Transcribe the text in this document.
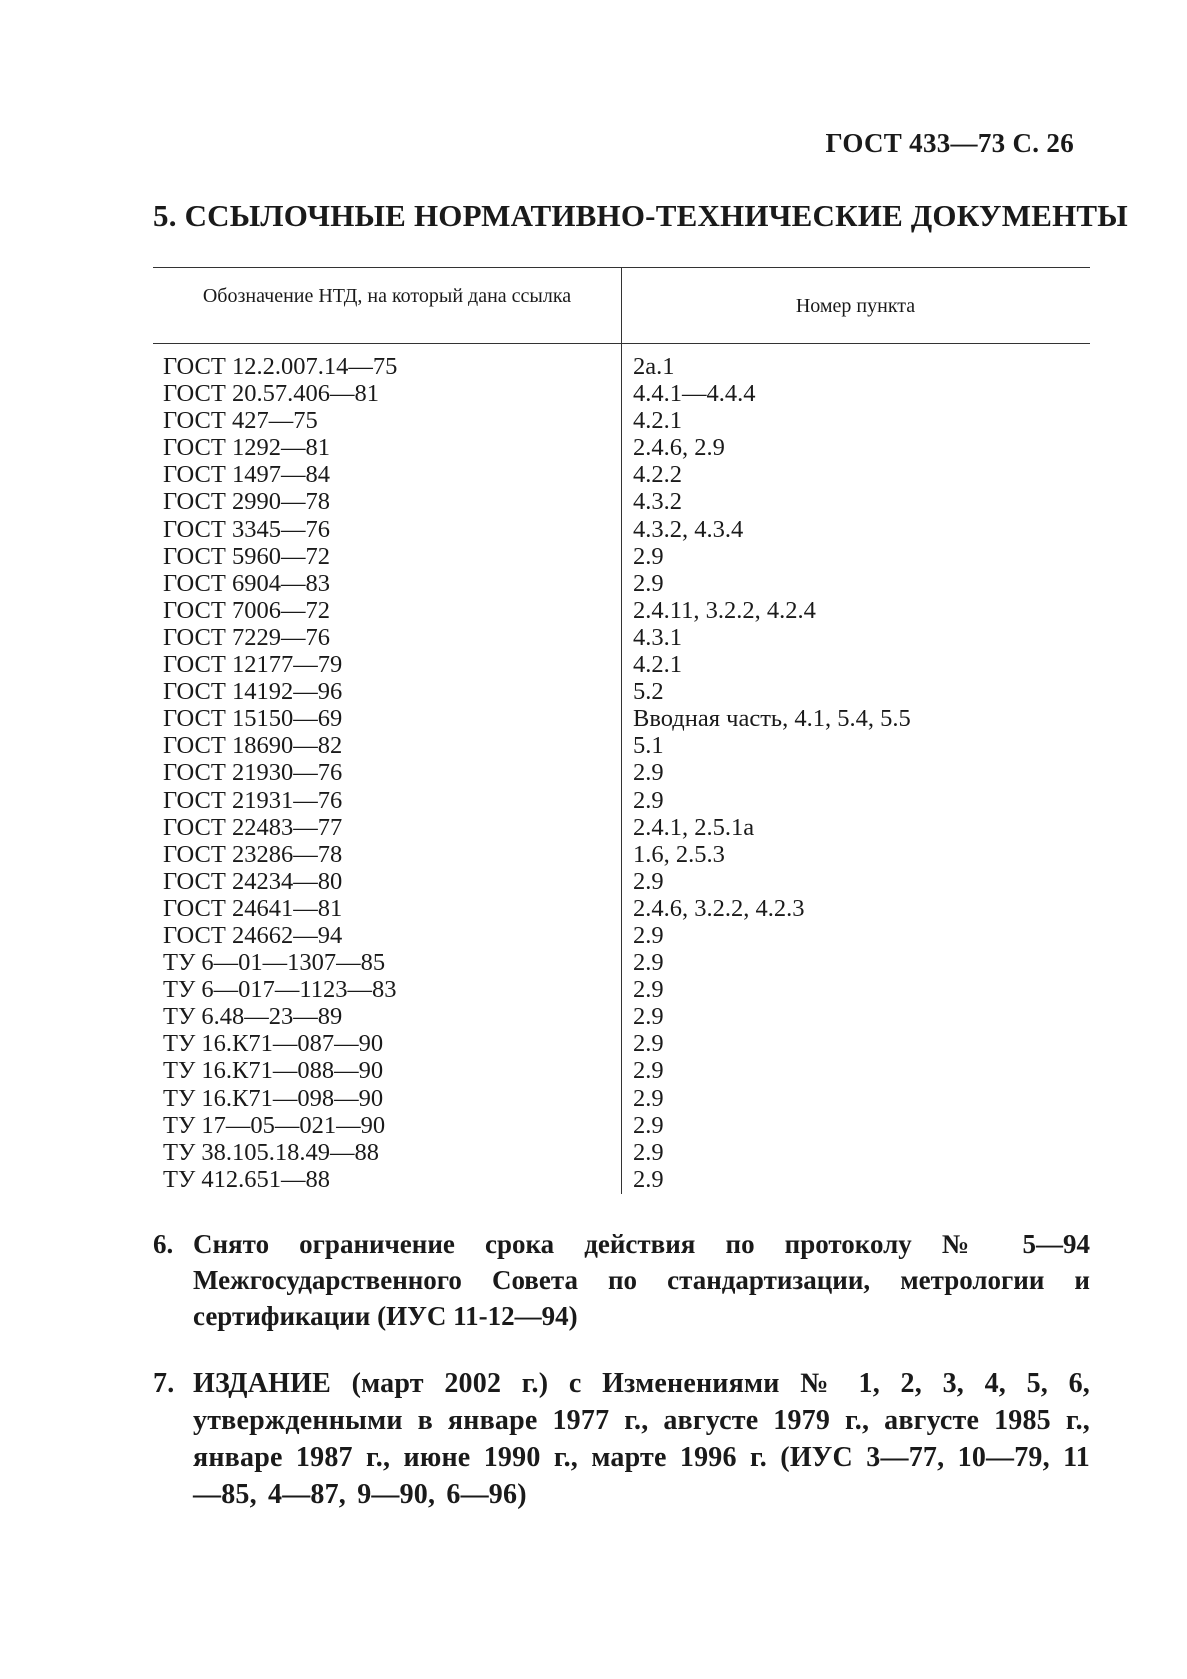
ГОСТ 433—73 С. 26
5. ССЫЛОЧНЫЕ НОРМАТИВНО-ТЕХНИЧЕСКИЕ ДОКУМЕНТЫ
Обозначение НТД, на который дана ссылка	Номер пункта
ГОСТ 12.2.007.14—75	2а.1
ГОСТ 20.57.406—81	4.4.1—4.4.4
ГОСТ 427—75	4.2.1
ГОСТ 1292—81	2.4.6, 2.9
ГОСТ 1497—84	4.2.2
ГОСТ 2990—78	4.3.2
ГОСТ 3345—76	4.3.2, 4.3.4
ГОСТ 5960—72	2.9
ГОСТ 6904—83	2.9
ГОСТ 7006—72	2.4.11, 3.2.2, 4.2.4
ГОСТ 7229—76	4.3.1
ГОСТ 12177—79	4.2.1
ГОСТ 14192—96	5.2
ГОСТ 15150—69	Вводная часть, 4.1, 5.4, 5.5
ГОСТ 18690—82	5.1
ГОСТ 21930—76	2.9
ГОСТ 21931—76	2.9
ГОСТ 22483—77	2.4.1, 2.5.1а
ГОСТ 23286—78	1.6, 2.5.3
ГОСТ 24234—80	2.9
ГОСТ 24641—81	2.4.6, 3.2.2, 4.2.3
ГОСТ 24662—94	2.9
ТУ 6—01—1307—85	2.9
ТУ 6—017—1123—83	2.9
ТУ 6.48—23—89	2.9
ТУ 16.К71—087—90	2.9
ТУ 16.К71—088—90	2.9
ТУ 16.К71—098—90	2.9
ТУ 17—05—021—90	2.9
ТУ 38.105.18.49—88	2.9
ТУ 412.651—88	2.9
6. Снято ограничение срока действия по протоколу № 5—94 Межгосударственного Совета по стандартизации, метрологии и сертификации (ИУС 11-12—94)
7. ИЗДАНИЕ (март 2002 г.) с Изменениями № 1, 2, 3, 4, 5, 6, утвержденными в январе 1977 г., августе 1979 г., августе 1985 г., январе 1987 г., июне 1990 г., марте 1996 г. (ИУС 3—77, 10—79, 11—85, 4—87, 9—90, 6—96)
